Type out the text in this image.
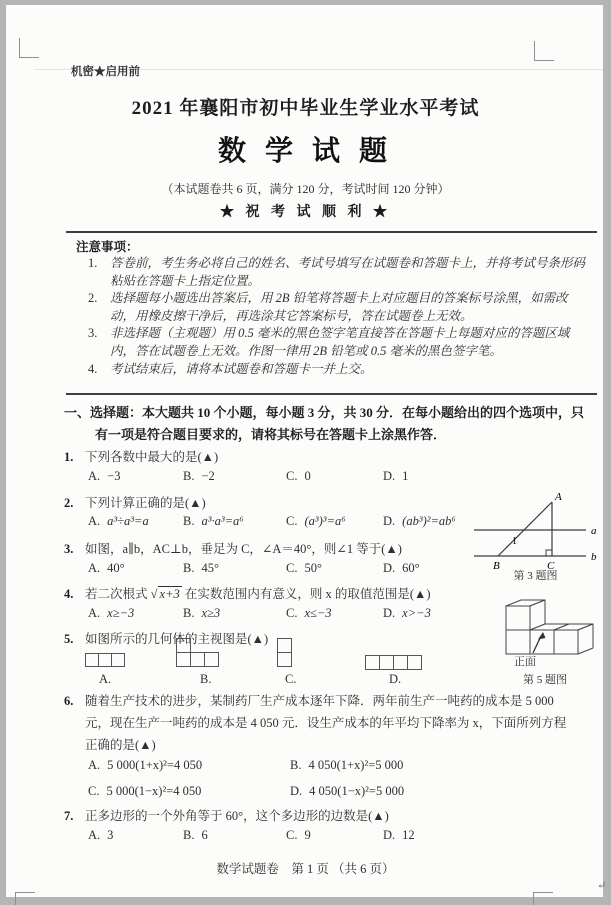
↵
机密★启用前
2021 年襄阳市初中毕业生学业水平考试
数 学 试 题
（本试题卷共 6 页，满分 120 分，考试时间 120 分钟）
★ 祝 考 试 顺 利 ★
注意事项：
1. 答卷前，考生务必将自己的姓名、考试号填写在试题卷和答题卡上，并将考试号条形码粘贴在答题卡上指定位置。
2. 选择题每小题选出答案后，用 2B 铅笔将答题卡上对应题目的答案标号涂黑，如需改动，用橡皮擦干净后，再选涂其它答案标号，答在试题卷上无效。
3. 非选择题（主观题）用 0.5 毫米的黑色签字笔直接答在答题卡上每题对应的答题区域内，答在试题卷上无效。作图一律用 2B 铅笔或 0.5 毫米的黑色签字笔。
4. 考试结束后，请将本试题卷和答题卡一并上交。
一、选择题：本大题共 10 个小题，每小题 3 分，共 30 分．在每小题给出的四个选项中，只
有一项是符合题目要求的，请将其标号在答题卡上涂黑作答．
1. 下列各数中最大的是(▲)
A. −3	B. −2	C. 0	D. 1
2. 下列计算正确的是(▲)
A. a³÷a³=a	B. a³·a³=a⁶	C. (a³)³=a⁶	D. (ab³)²=ab⁶
3. 如图，a∥b，AC⊥b，垂足为 C，∠A＝40°，则∠1 等于(▲)
A. 40°	B. 45°	C. 50°	D. 60°
A
a
b
B	C
1
第 3 题图
4. 若二次根式 √ x+3 在实数范围内有意义，则 x 的取值范围是(▲)
A. x≥−3	B. x≥3	C. x≤−3	D. x>−3
5. 如图所示的几何体的主视图是(▲)
A.	B.	C.	D.
正面
第 5 题图
6. 随着生产技术的进步，某制药厂生产成本逐年下降．两年前生产一吨药的成本是 5 000
元，现在生产一吨药的成本是 4 050 元．设生产成本的年平均下降率为 x，下面所列方程
正确的是(▲)
A. 5 000(1+x)²=4 050	B. 4 050(1+x)²=5 000
C. 5 000(1−x)²=4 050	D. 4 050(1−x)²=5 000
7. 正多边形的一个外角等于 60°，这个多边形的边数是(▲)
A. 3	B. 6	C. 9	D. 12
数学试题卷　第 1 页 （共 6 页）
